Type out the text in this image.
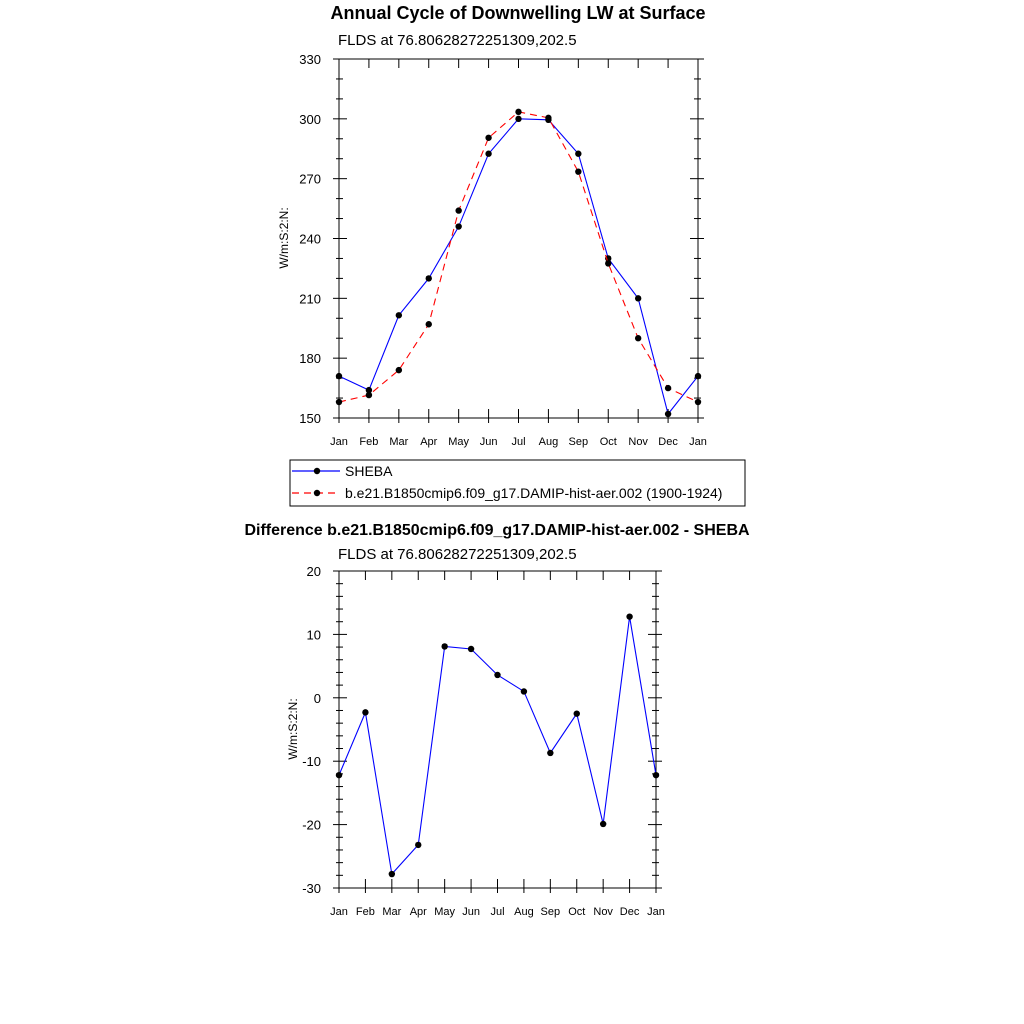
Annual Cycle of Downwelling LW at Surface
FLDS at 76.80628272251309,202.5
W/m:S:2:N:
Jan Feb Mar Apr May Jun Jul Aug Sep Oct Nov Dec Jan
150
180
210
240
270
300
330
SHEBA
b.e21.B1850cmip6.f09_g17.DAMIP-hist-aer.002 (1900-1924)
Difference b.e21.B1850cmip6.f09_g17.DAMIP-hist-aer.002 - SHEBA
FLDS at 76.80628272251309,202.5
W/m:S:2:N:
Jan Feb Mar Apr May Jun Jul Aug Sep Oct Nov Dec Jan
-30
-20
-10
0
10
20
